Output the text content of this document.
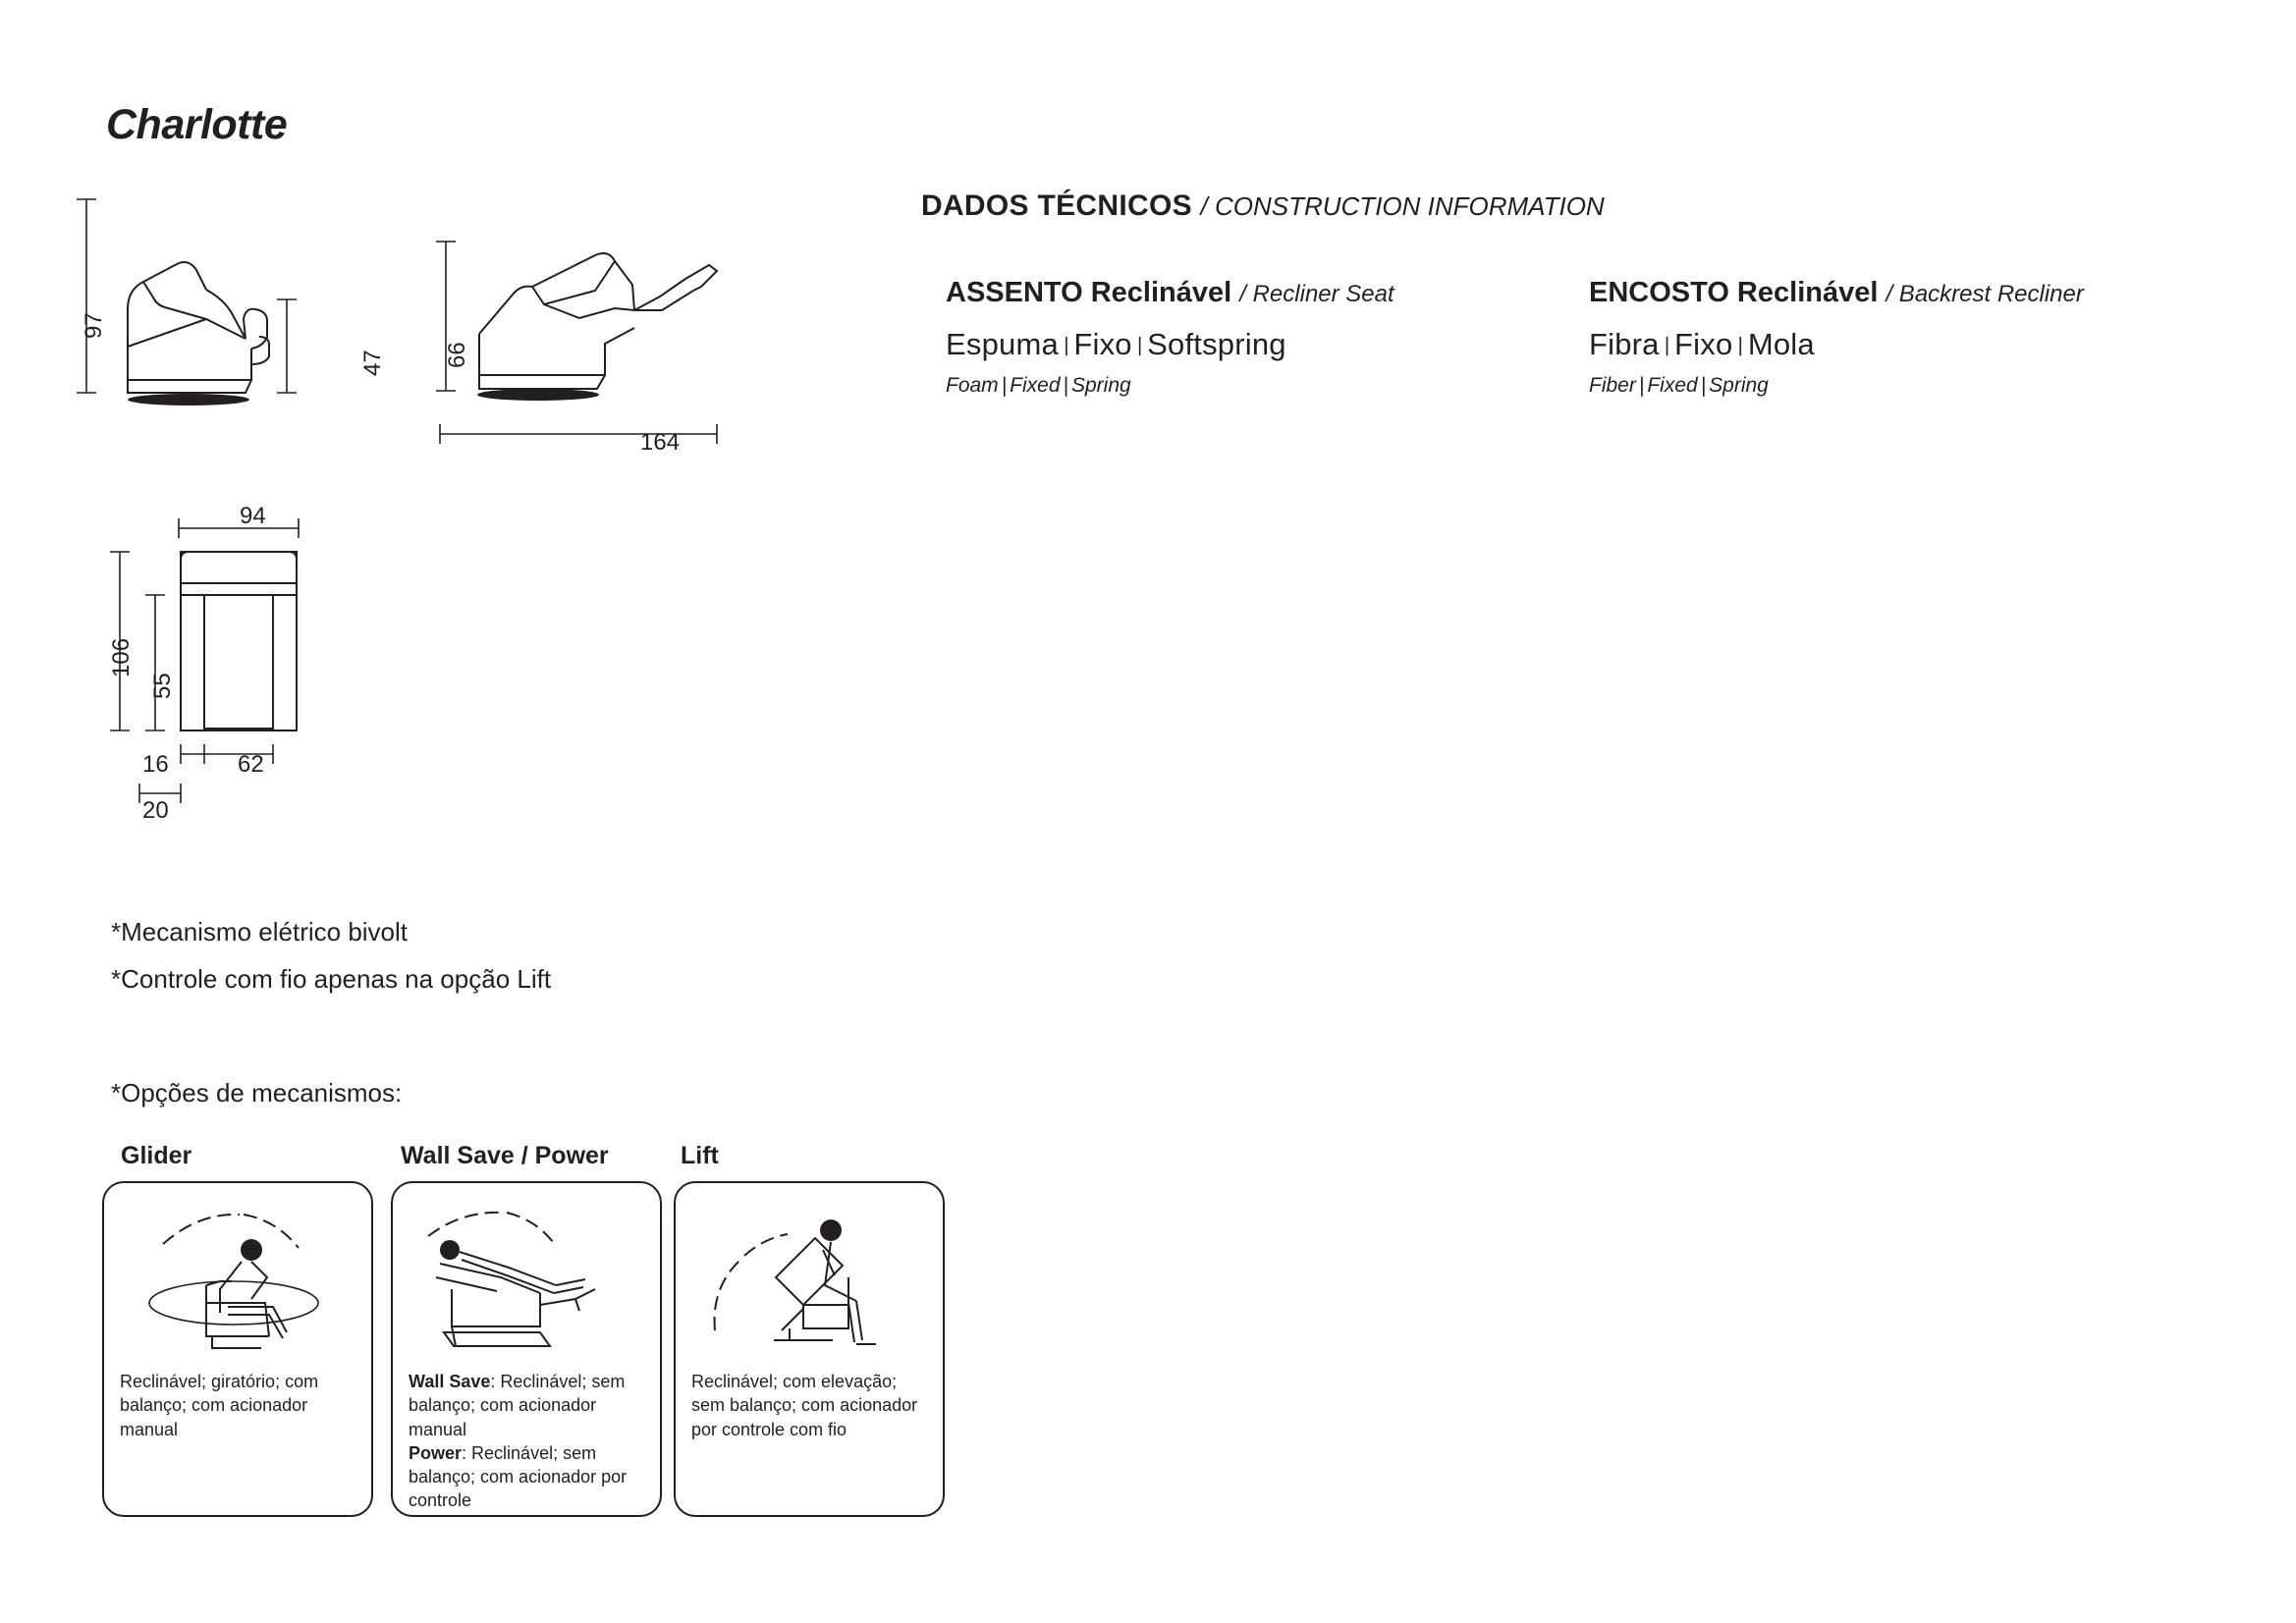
Charlotte
97
47 66
164
94
106
55
16	62
20
DADOS TÉCNICOS / CONSTRUCTION INFORMATION
ASSENTO Reclinável / Recliner Seat
Espuma | Fixo | Softspring
Foam | Fixed | Spring
ENCOSTO Reclinável / Backrest Recliner
Fibra | Fixo | Mola
Fiber | Fixed | Spring
*Mecanismo elétrico bivolt
*Controle com fio apenas na opção Lift
*Opções de mecanismos:
Glider	Wall Save / Power	Lift
Reclinável; giratório; com balanço; com acionador manual
Wall Save: Reclinável; sem balanço; com acionador manual
Power: Reclinável; sem balanço; com acionador por controle
Reclinável; com elevação; sem balanço; com acionador por controle com fio
